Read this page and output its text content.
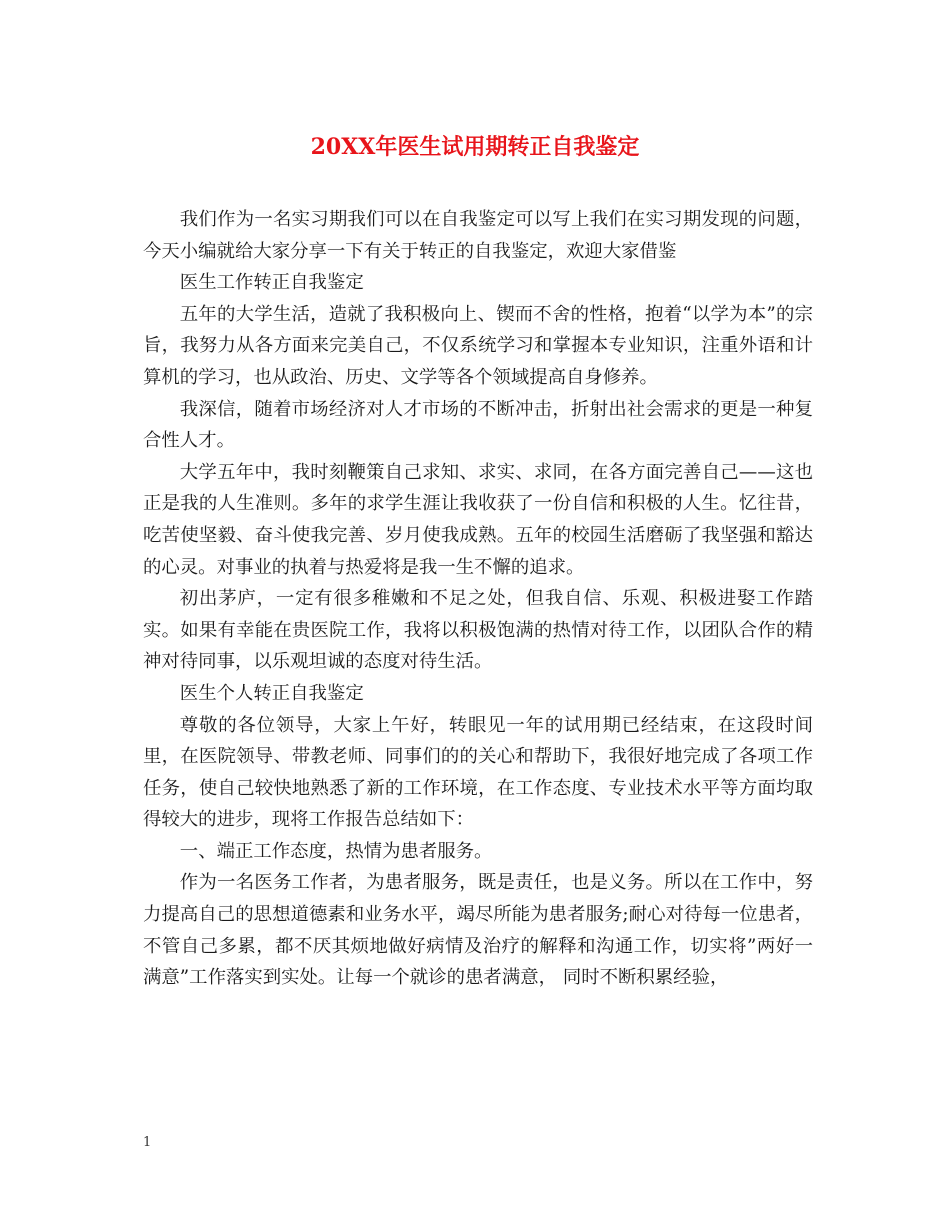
20XX年医生试用期转正自我鉴定

我们作为一名实习期我们可以在自我鉴定可以写上我们在实习期发现的问题，今天小编就给大家分享一下有关于转正的自我鉴定，欢迎大家借鉴

医生工作转正自我鉴定

五年的大学生活，造就了我积极向上、锲而不舍的性格，抱着“以学为本”的宗旨，我努力从各方面来完美自己，不仅系统学习和掌握本专业知识，注重外语和计算机的学习，也从政治、历史、文学等各个领域提高自身修养。

我深信，随着市场经济对人才市场的不断冲击，折射出社会需求的更是一种复合性人才。

大学五年中，我时刻鞭策自己求知、求实、求同，在各方面完善自己——这也正是我的人生准则。多年的求学生涯让我收获了一份自信和积极的人生。忆往昔，吃苦使坚毅、奋斗使我完善、岁月使我成熟。五年的校园生活磨砺了我坚强和豁达的心灵。对事业的执着与热爱将是我一生不懈的追求。

初出茅庐，一定有很多稚嫩和不足之处，但我自信、乐观、积极进娶工作踏实。如果有幸能在贵医院工作，我将以积极饱满的热情对待工作，以团队合作的精神对待同事，以乐观坦诚的态度对待生活。

医生个人转正自我鉴定

尊敬的各位领导，大家上午好，转眼见一年的试用期已经结束，在这段时间里，在医院领导、带教老师、同事们的的关心和帮助下，我很好地完成了各项工作任务，使自己较快地熟悉了新的工作环境，在工作态度、专业技术水平等方面均取得较大的进步，现将工作报告总结如下：

一、端正工作态度，热情为患者服务。

作为一名医务工作者，为患者服务，既是责任，也是义务。所以在工作中，努力提高自己的思想道德素和业务水平，竭尽所能为患者服务;耐心对待每一位患者，不管自己多累，都不厌其烦地做好病情及治疗的解释和沟通工作，切实将”两好一满意”工作落实到实处。让每一个就诊的患者满意， 同时不断积累经验，

1
